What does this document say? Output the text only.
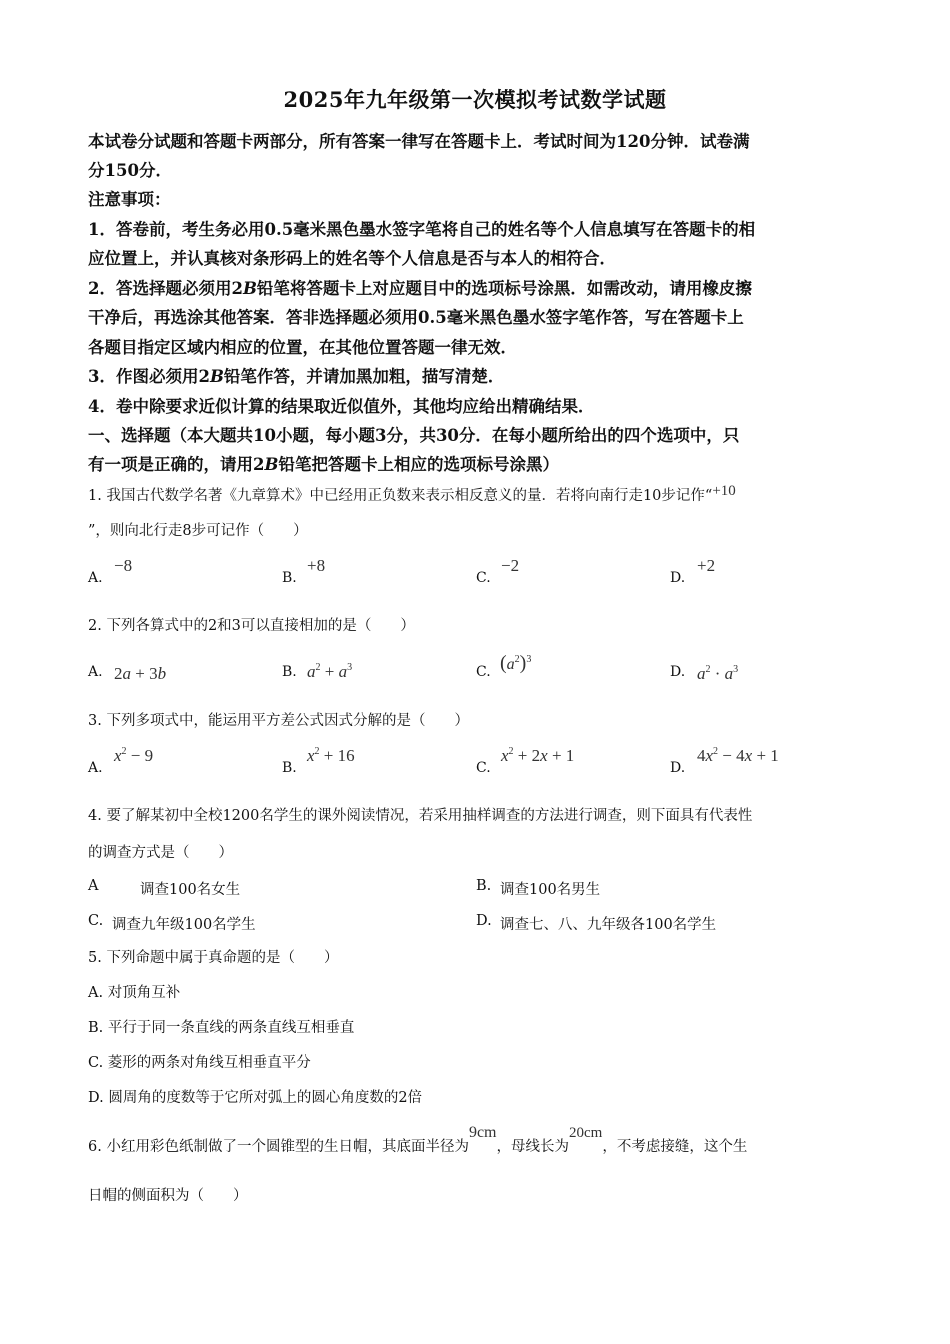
2025年九年级第一次模拟考试数学试题
本试卷分试题和答题卡两部分，所有答案一律写在答题卡上．考试时间为120分钟．试卷满
分150分．
注意事项：
1．答卷前，考生务必用0.5毫米黑色墨水签字笔将自己的姓名等个人信息填写在答题卡的相
应位置上，并认真核对条形码上的姓名等个人信息是否与本人的相符合．
2．答选择题必须用2B铅笔将答题卡上对应题目中的选项标号涂黑．如需改动，请用橡皮擦
干净后，再选涂其他答案．答非选择题必须用0.5毫米黑色墨水签字笔作答，写在答题卡上
各题目指定区域内相应的位置，在其他位置答题一律无效．
3．作图必须用2B铅笔作答，并请加黑加粗，描写清楚．
4．卷中除要求近似计算的结果取近似值外，其他均应给出精确结果．
一、选择题（本大题共10小题，每小题3分，共30分．在每小题所给出的四个选项中，只
有一项是正确的，请用2B铅笔把答题卡上相应的选项标号涂黑）
1. 我国古代数学名著《九章算术》中已经用正负数来表示相反意义的量．若将向南行走10步记作“+10
”，则向北行走8步可记作（　　）
A.
−8
B.
+8
C.
−2
D.
+2
2. 下列各算式中的2和3可以直接相加的是（　　）
A. 2a + 3b	B. $a^2 + a^3$	C. $(a^2)^3$
D. $a^2 \cdot a^3$
3. 下列多项式中，能运用平方差公式因式分解的是（　　）
A.
$x^2 - 9$
B.
$x^2 + 16$
C.
$x^2 + 2x + 1$
D.
$4x^2 - 4x + 1$
4. 要了解某初中全校1200名学生的课外阅读情况，若采用抽样调查的方法进行调查，则下面具有代表性
的调查方式是（　　）
A	调查100名女生	B. 调查100名男生
C. 调查九年级100名学生	D. 调查七、八、九年级各100名学生
5. 下列命题中属于真命题的是（　　）
A. 对顶角互补
B. 平行于同一条直线的两条直线互相垂直
C. 菱形的两条对角线互相垂直平分
D. 圆周角的度数等于它所对弧上的圆心角度数的2倍
6. 小红用彩色纸制做了一个圆锥型的生日帽，其底面半径为9cm，母线长为20cm，不考虑接缝，这个生
日帽的侧面积为（　　）
